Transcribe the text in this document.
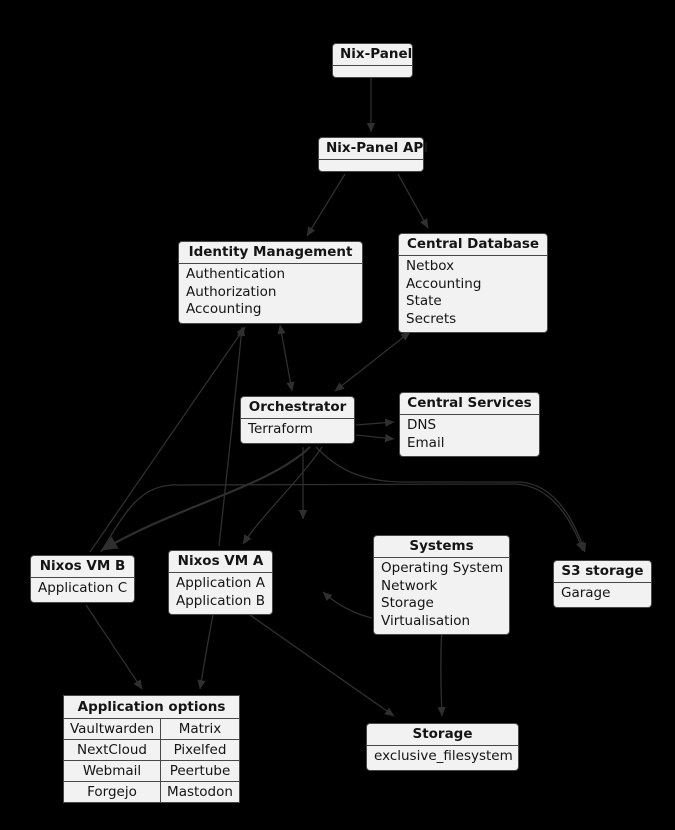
Nix-Panel
Nix-Panel API
Identity Management
Authentication
Authorization
Accounting
Central Database
Netbox
Accounting
State
Secrets
Orchestrator
Terraform
Central Services
DNS
Email
Nixos VM B
Application C
Nixos VM A
Application A
Application B
Systems
Operating System
Network
Storage
Virtualisation
S3 storage
Garage
Application options
Vaultwarden	Matrix
NextCloud	Pixelfed
Webmail	Peertube
Forgejo	Mastodon
Storage
exclusive_filesystem
